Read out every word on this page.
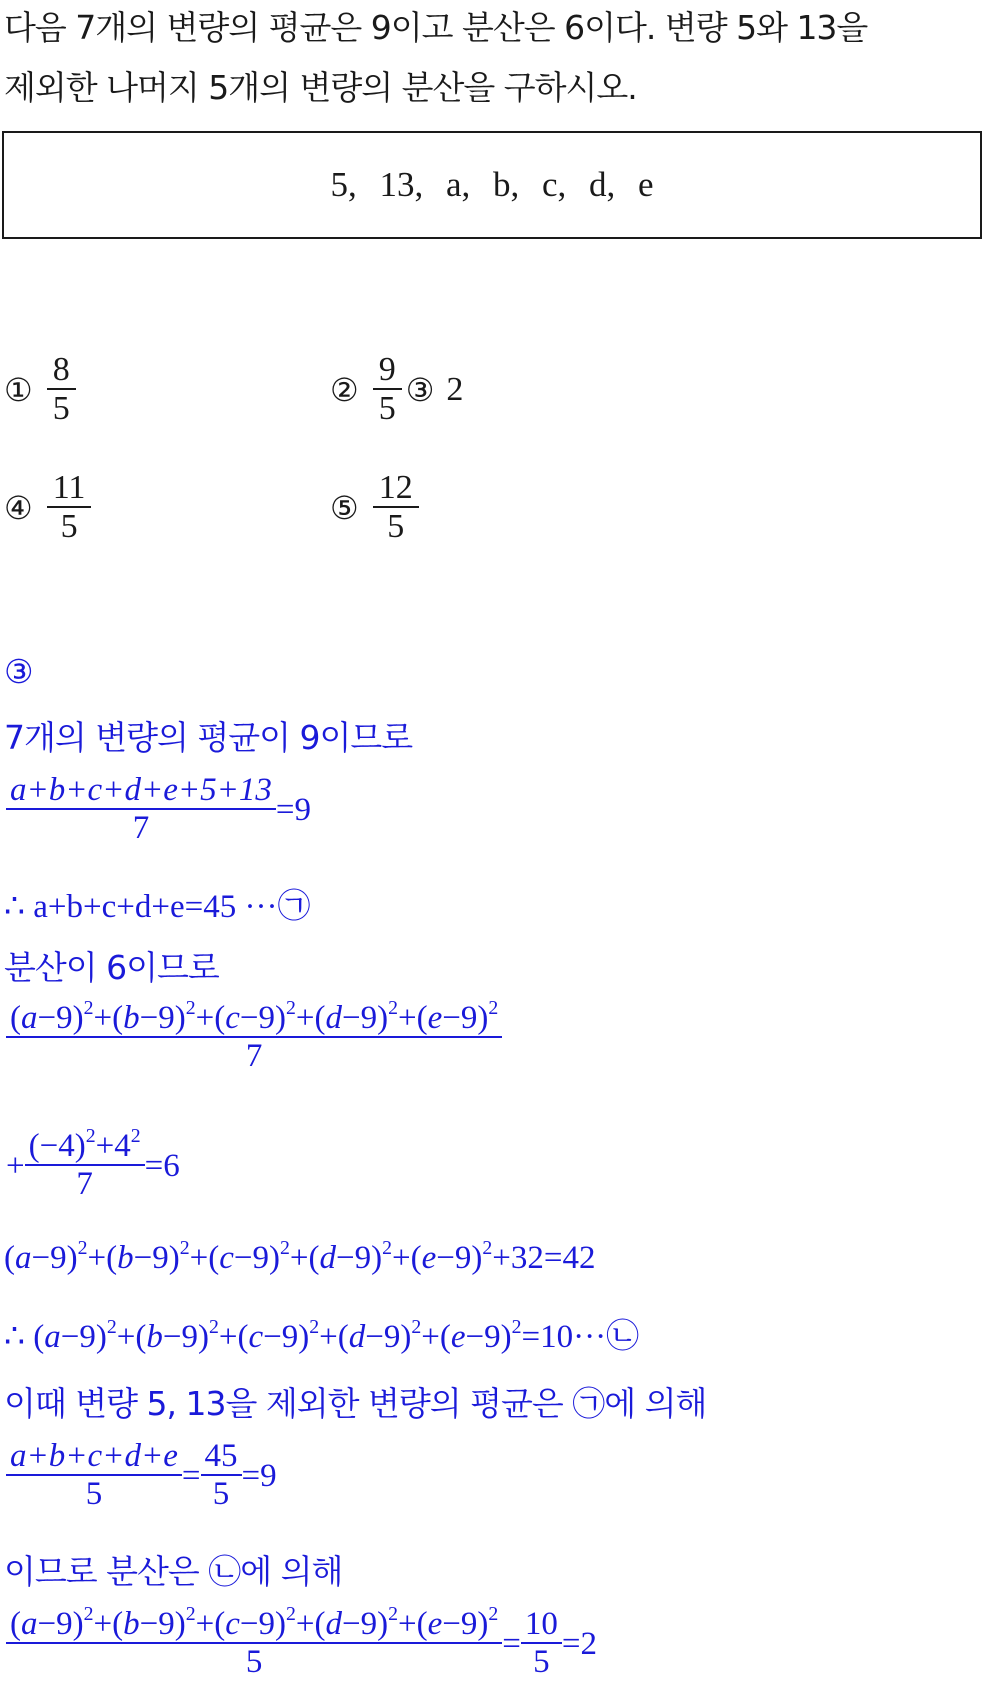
다음 7개의 변량의 평균은 9이고 분산은 6이다. 변량 5와 13을
제외한 나머지 5개의 변량의 분산을 구하시오.
5, 13, a, b, c, d, e
① $\frac{8}{5}$	② $\frac{9}{5}$ ③ 2
④ $\frac{11}{5}$	⑤ $\frac{12}{5}$
③
7개의 변량의 평균이 9이므로
$\frac{a+b+c+d+e+5+13}{7} =9$
∴ a+b+c+d+e=45 ···㉠
분산이 6이므로
$\frac{(a-9)^2+(b-9)^2+(c-9)^2+(d-9)^2+(e-9)^2}{7}$
+ $\frac{(-4)^2+4^2}{7} =6$
$(a-9)^2+(b-9)^2+(c-9)^2+(d-9)^2+(e-9)^2+32=42$
∴ $(a-9)^2+(b-9)^2+(c-9)^2+(d-9)^2+(e-9)^2=10\cdot\cdot\cdot㉡$
이때 변량 5, 13을 제외한 변량의 평균은 ㉠에 의해
$\frac{a+b+c+d+e}{5} = \frac{45}{5} =9$
이므로 분산은 ㉡에 의해
$\frac{(a-9)^2+(b-9)^2+(c-9)^2+(d-9)^2+(e-9)^2}{5} = \frac{10}{5} =2$
